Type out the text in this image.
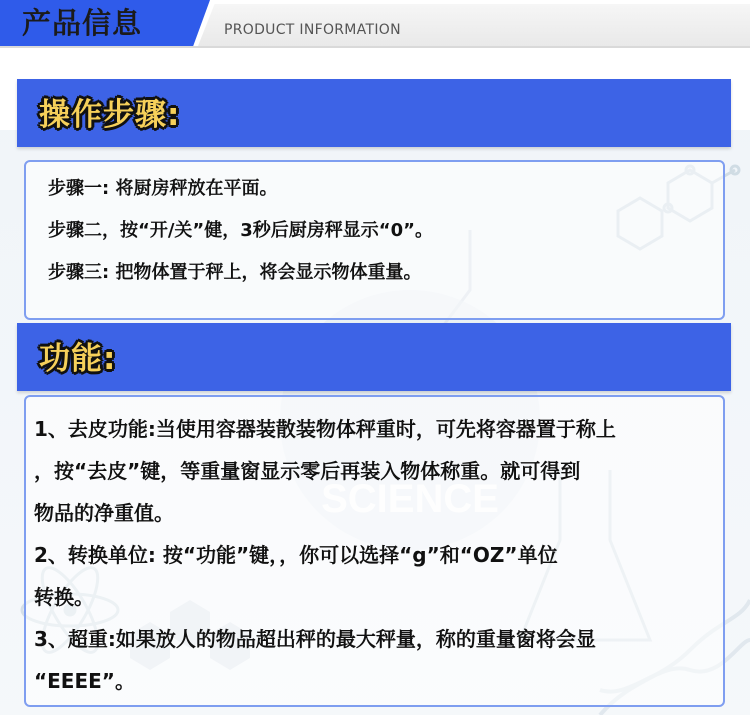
产品信息	PRODUCT INFORMATION
操作步骤:
步骤一: 将厨房秤放在平面。
步骤二，按“开/关”健，3秒后厨房秤显示“0”。
步骤三: 把物体置于秤上，将会显示物体重量。
功能:
1、去皮功能:当使用容器装散装物体秤重时，可先将容器置于称上
，按“去皮”键，等重量窗显示零后再装入物体称重。就可得到
物品的净重值。
2、转换单位: 按“功能”键，，你可以选择“g”和“OZ”单位
转换。
3、超重:如果放人的物品超出秤的最大秤量，称的重量窗将会显
“EEEE”。
